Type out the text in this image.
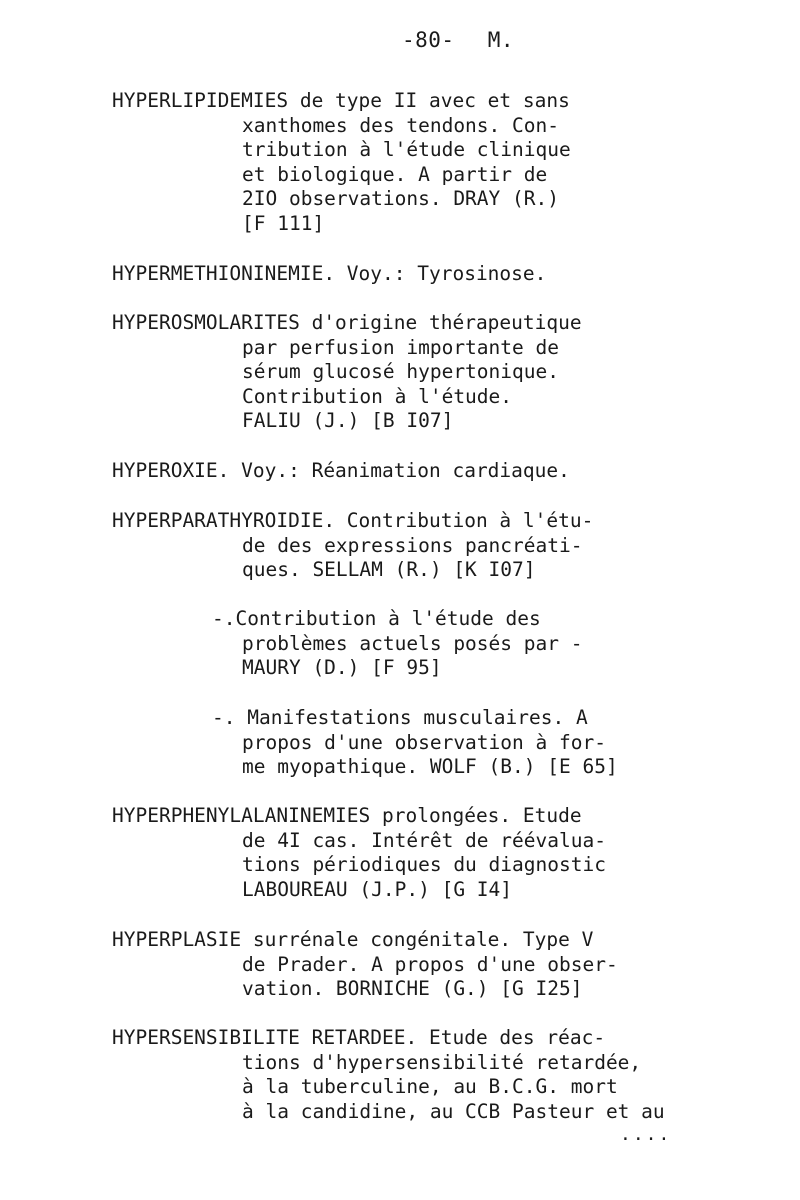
-80- M.
HYPERLIPIDEMIES de type II avec et sans
xanthomes des tendons. Con-
tribution à l'étude clinique
et biologique. A partir de
2IO observations. DRAY (R.)
[F 111]
HYPERMETHIONINEMIE. Voy.: Tyrosinose.
HYPEROSMOLARITES d'origine thérapeutique
par perfusion importante de
sérum glucosé hypertonique.
Contribution à l'étude.
FALIU (J.) [B I07]
HYPEROXIE. Voy.: Réanimation cardiaque.
HYPERPARATHYROIDIE. Contribution à l'étu-
de des expressions pancréati-
ques. SELLAM (R.) [K I07]
-.Contribution à l'étude des
problèmes actuels posés par -
MAURY (D.) [F 95]
-. Manifestations musculaires. A
propos d'une observation à for-
me myopathique. WOLF (B.) [E 65]
HYPERPHENYLALANINEMIES prolongées. Etude
de 4I cas. Intérêt de réévalua-
tions périodiques du diagnostic
LABOUREAU (J.P.) [G I4]
HYPERPLASIE surrénale congénitale. Type V
de Prader. A propos d'une obser-
vation. BORNICHE (G.) [G I25]
HYPERSENSIBILITE RETARDEE. Etude des réac-
tions d'hypersensibilité retardée,
à la tuberculine, au B.C.G. mort
à la candidine, au CCB Pasteur et au
....
